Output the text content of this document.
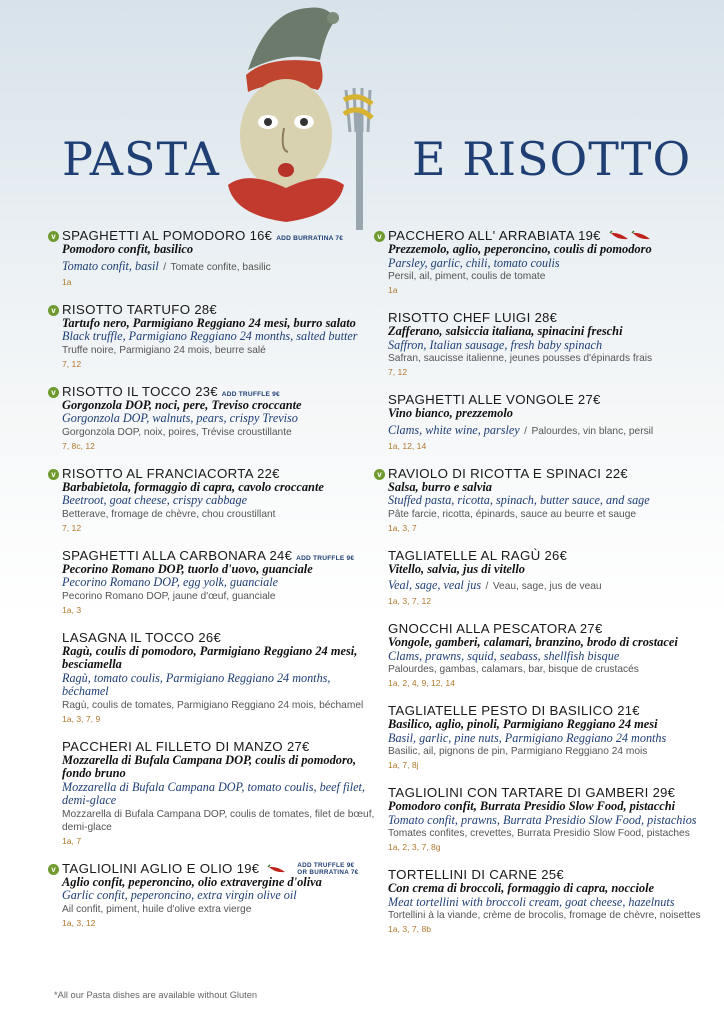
PASTA	E RISOTTO
v SPAGHETTI AL POMODORO 16€ ADD BURRATINA 7€
Pomodoro confit, basilico
Tomato confit, basil / Tomate confite, basilic
1a
v RISOTTO TARTUFO 28€
Tartufo nero, Parmigiano Reggiano 24 mesi, burro salato
Black truffle, Parmigiano Reggiano 24 months, salted butter
Truffe noire, Parmigiano 24 mois, beurre salé
7, 12
v RISOTTO IL TOCCO 23€ ADD TRUFFLE 9€
Gorgonzola DOP, noci, pere, Treviso croccante
Gorgonzola DOP, walnuts, pears, crispy Treviso
Gorgonzola DOP, noix, poires, Trévise croustillante
7, 8c, 12
v RISOTTO AL FRANCIACORTA 22€
Barbabietola, formaggio di capra, cavolo croccante
Beetroot, goat cheese, crispy cabbage
Betterave, fromage de chèvre, chou croustillant
7, 12
SPAGHETTI ALLA CARBONARA 24€ ADD TRUFFLE 9€
Pecorino Romano DOP, tuorlo d'uovo, guanciale
Pecorino Romano DOP, egg yolk, guanciale
Pecorino Romano DOP, jaune d'œuf, guanciale
1a, 3
LASAGNA IL TOCCO 26€
Ragù, coulis di pomodoro, Parmigiano Reggiano 24 mesi, besciamella
Ragù, tomato coulis, Parmigiano Reggiano 24 months, béchamel
Ragù, coulis de tomates, Parmigiano Reggiano 24 mois, béchamel
1a, 3, 7, 9
PACCHERI AL FILLETO DI MANZO 27€
Mozzarella di Bufala Campana DOP, coulis di pomodoro, fondo bruno
Mozzarella di Bufala Campana DOP, tomato coulis, beef filet, demi-glace
Mozzarella di Bufala Campana DOP, coulis de tomates, filet de bœuf, demi-glace
1a, 7
v TAGLIOLINI AGLIO E OLIO 19€	ADD TRUFFLE 9€
OR BURRATINA 7€
Aglio confit, peperoncino, olio extravergine d'oliva
Garlic confit, peperoncino, extra virgin olive oil
Ail confit, piment, huile d'olive extra vierge
1a, 3, 12
v PACCHERO ALL' ARRABIATA 19€
Prezzemolo, aglio, peperoncino, coulis di pomodoro
Parsley, garlic, chili, tomato coulis
Persil, ail, piment, coulis de tomate
1a
RISOTTO CHEF LUIGI 28€
Zafferano, salsiccia italiana, spinacini freschi
Saffron, Italian sausage, fresh baby spinach
Safran, saucisse italienne, jeunes pousses d'épinards frais
7, 12
SPAGHETTI ALLE VONGOLE 27€
Vino bianco, prezzemolo
Clams, white wine, parsley / Palourdes, vin blanc, persil
1a, 12, 14
v RAVIOLO DI RICOTTA E SPINACI 22€
Salsa, burro e salvia
Stuffed pasta, ricotta, spinach, butter sauce, and sage
Pâte farcie, ricotta, épinards, sauce au beurre et sauge
1a, 3, 7
TAGLIATELLE AL RAGÙ 26€
Vitello, salvia, jus di vitello
Veal, sage, veal jus / Veau, sage, jus de veau
1a, 3, 7, 12
GNOCCHI ALLA PESCATORA 27€
Vongole, gamberi, calamari, branzino, brodo di crostacei
Clams, prawns, squid, seabass, shellfish bisque
Palourdes, gambas, calamars, bar, bisque de crustacés
1a, 2, 4, 9, 12, 14
TAGLIATELLE PESTO DI BASILICO 21€
Basilico, aglio, pinoli, Parmigiano Reggiano 24 mesi
Basil, garlic, pine nuts, Parmigiano Reggiano 24 months
Basilic, ail, pignons de pin, Parmigiano Reggiano 24 mois
1a, 7, 8j
TAGLIOLINI CON TARTARE DI GAMBERI 29€
Pomodoro confit, Burrata Presidio Slow Food, pistacchi
Tomato confit, prawns, Burrata Presidio Slow Food, pistachios
Tomates confites, crevettes, Burrata Presidio Slow Food, pistaches
1a, 2, 3, 7, 8g
TORTELLINI DI CARNE 25€
Con crema di broccoli, formaggio di capra, nocciole
Meat tortellini with broccoli cream, goat cheese, hazelnuts
Tortellini à la viande, crème de brocolis, fromage de chèvre, noisettes
1a, 3, 7, 8b
*All our Pasta dishes are available without Gluten
